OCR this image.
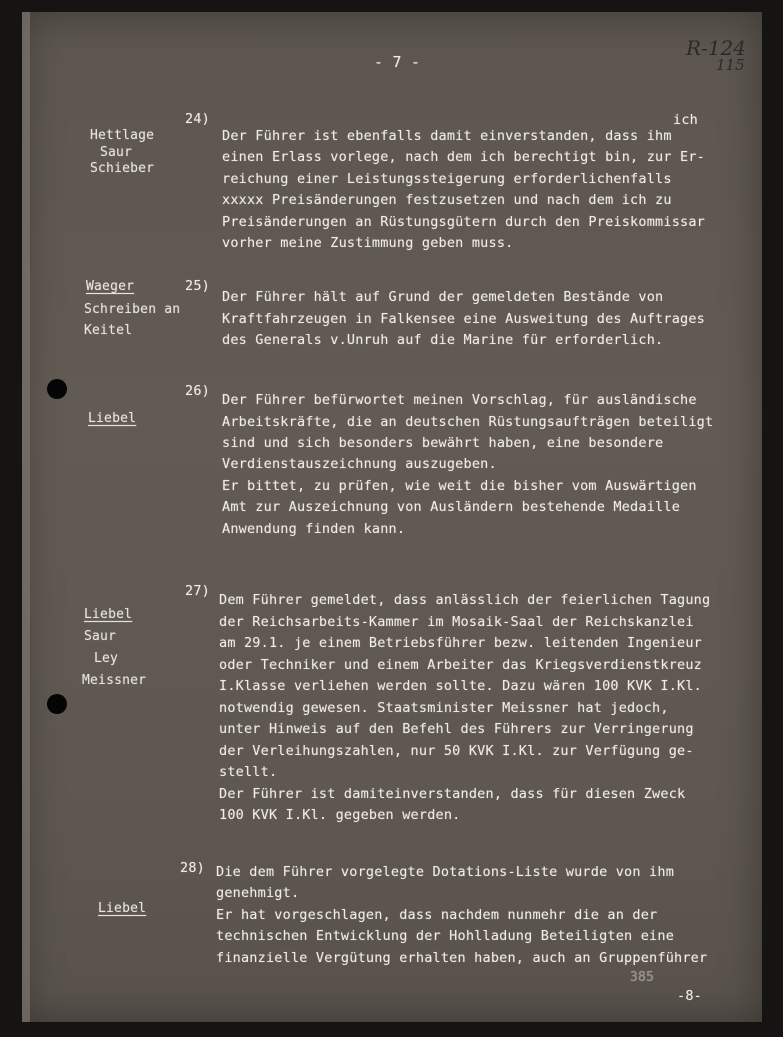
- 7 -
R-124
115
24)
Hettlage
Saur
Schieber
ich
Der Führer ist ebenfalls damit einverstanden, dass ihm
einen Erlass vorlege, nach dem ich berechtigt bin, zur Er-
reichung einer Leistungssteigerung erforderlichenfalls
xxxxx Preisänderungen festzusetzen und nach dem ich zu
Preisänderungen an Rüstungsgütern durch den Preiskommissar
vorher meine Zustimmung geben muss.
25)
Waeger
Schreiben an
Keitel
Der Führer hält auf Grund der gemeldeten Bestände von
Kraftfahrzeugen in Falkensee eine Ausweitung des Auftrages
des Generals v.Unruh auf die Marine für erforderlich.
26)
Liebel
Der Führer befürwortet meinen Vorschlag, für ausländische
Arbeitskräfte, die an deutschen Rüstungsaufträgen beteiligt
sind und sich besonders bewährt haben, eine besondere
Verdienstauszeichnung auszugeben.
Er bittet, zu prüfen, wie weit die bisher vom Auswärtigen
Amt zur Auszeichnung von Ausländern bestehende Medaille
Anwendung finden kann.
27)
Liebel
Saur
Ley
Meissner
Dem Führer gemeldet, dass anlässlich der feierlichen Tagung
der Reichsarbeits-Kammer im Mosaik-Saal der Reichskanzlei
am 29.1. je einem Betriebsführer bezw. leitenden Ingenieur
oder Techniker und einem Arbeiter das Kriegsverdienstkreuz
I.Klasse verliehen werden sollte. Dazu wären 100 KVK I.Kl.
notwendig gewesen. Staatsminister Meissner hat jedoch,
unter Hinweis auf den Befehl des Führers zur Verringerung
der Verleihungszahlen, nur 50 KVK I.Kl. zur Verfügung ge-
stellt.
Der Führer ist damiteinverstanden, dass für diesen Zweck
100 KVK I.Kl. gegeben werden.
28)
Liebel
Die dem Führer vorgelegte Dotations-Liste wurde von ihm
genehmigt.
Er hat vorgeschlagen, dass nachdem nunmehr die an der
technischen Entwicklung der Hohlladung Beteiligten eine
finanzielle Vergütung erhalten haben, auch an Gruppenführer
385
-8-
